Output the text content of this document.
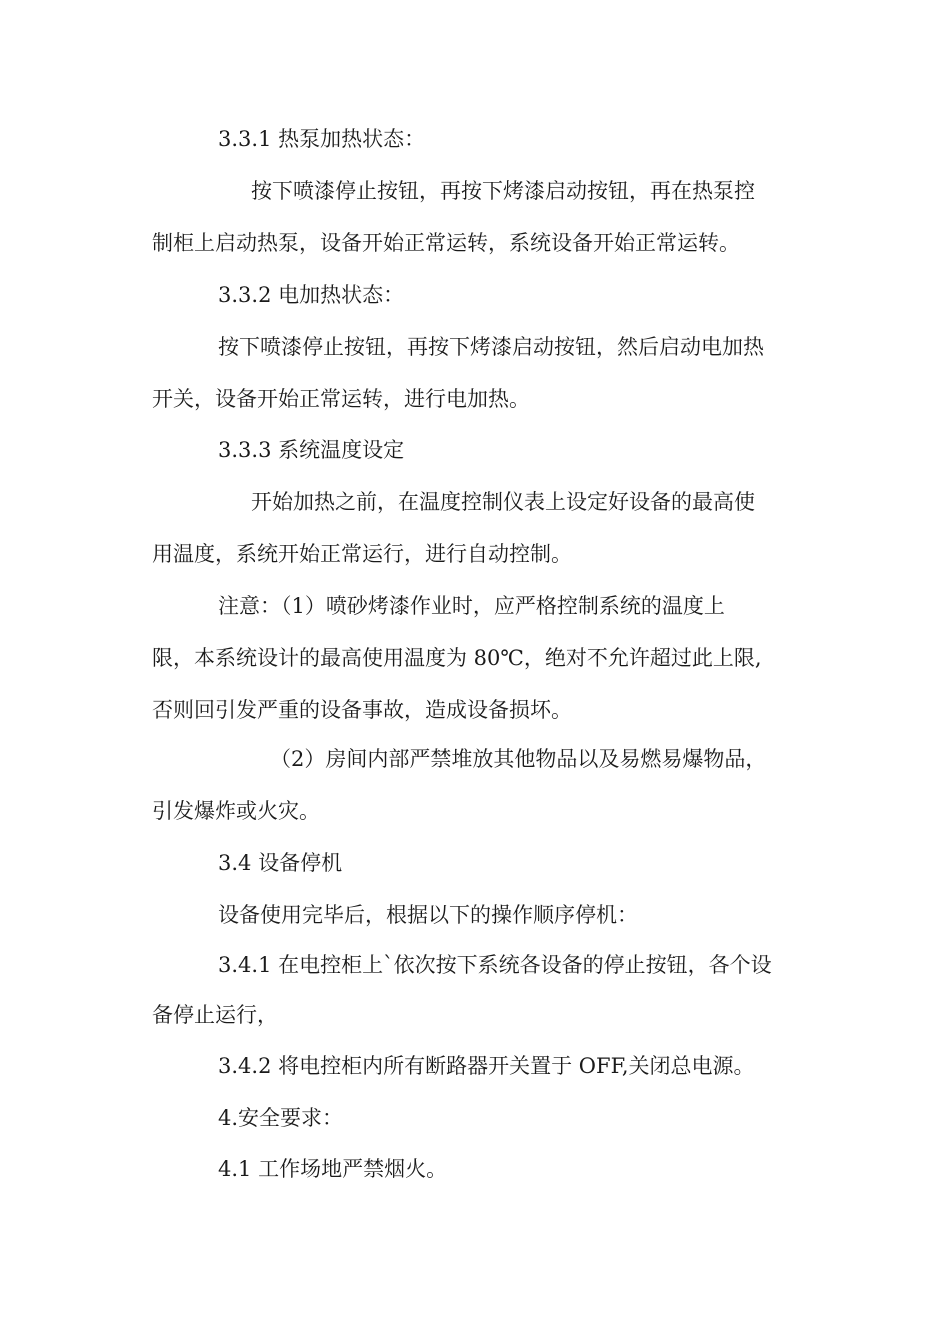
3.3.1 热泵加热状态：
按下喷漆停止按钮，再按下烤漆启动按钮，再在热泵控
制柜上启动热泵，设备开始正常运转，系统设备开始正常运转。
3.3.2 电加热状态：
按下喷漆停止按钮，再按下烤漆启动按钮，然后启动电加热
开关，设备开始正常运转，进行电加热。
3.3.3 系统温度设定
开始加热之前，在温度控制仪表上设定好设备的最高使
用温度，系统开始正常运行，进行自动控制。
注意：（1）喷砂烤漆作业时，应严格控制系统的温度上
限，本系统设计的最高使用温度为 80℃，绝对不允许超过此上限,
否则回引发严重的设备事故，造成设备损坏。
（2）房间内部严禁堆放其他物品以及易燃易爆物品，
引发爆炸或火灾。
3.4 设备停机
设备使用完毕后，根据以下的操作顺序停机：
3.4.1 在电控柜上`依次按下系统各设备的停止按钮，各个设
备停止运行，
3.4.2 将电控柜内所有断路器开关置于 OFF,关闭总电源。
4.安全要求：
4.1 工作场地严禁烟火。
